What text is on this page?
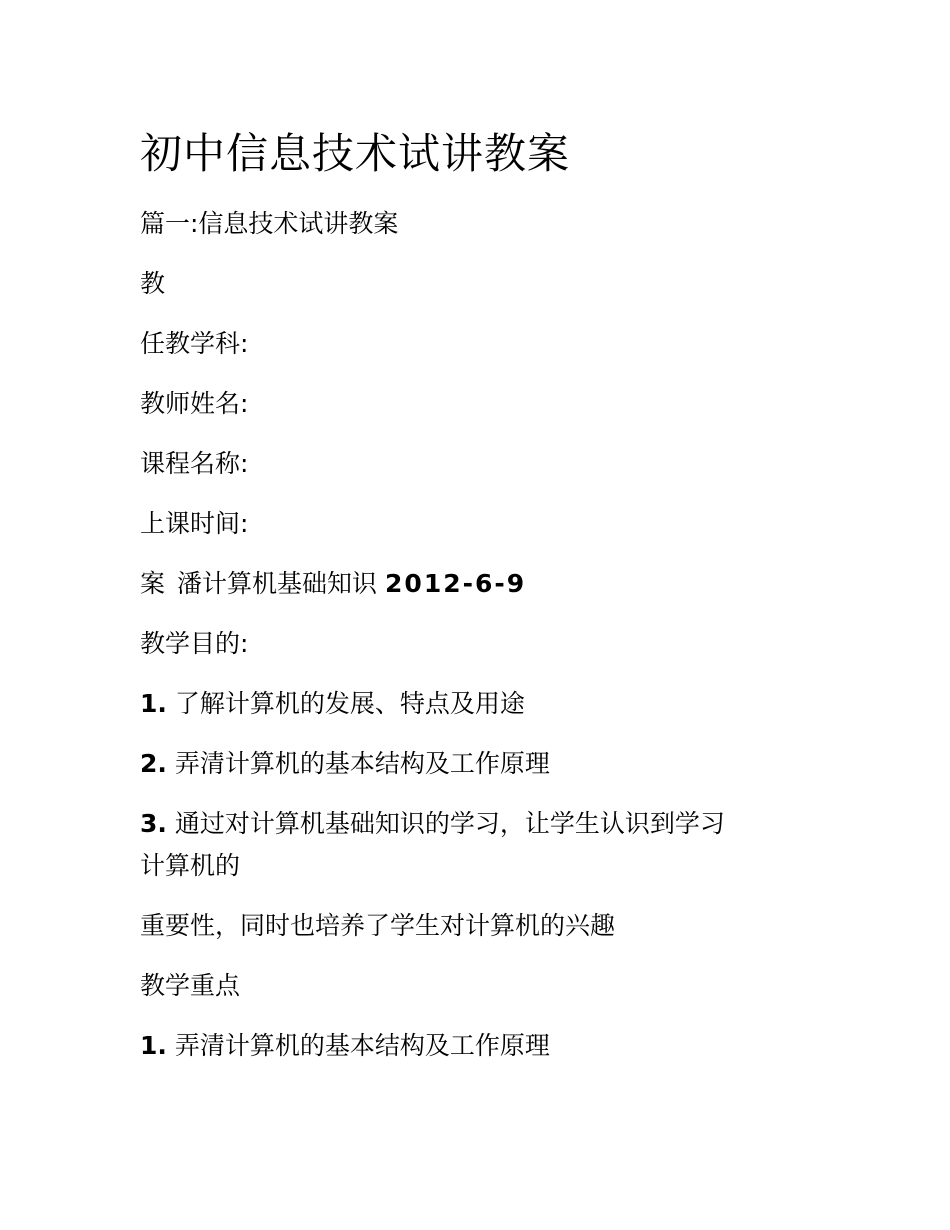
初中信息技术试讲教案
篇一:信息技术试讲教案
教
任教学科:
教师姓名:
课程名称:
上课时间:
案 潘计算机基础知识 2012-6-9
教学目的:
1. 了解计算机的发展、特点及用途
2. 弄清计算机的基本结构及工作原理
3. 通过对计算机基础知识的学习，让学生认识到学习
计算机的
重要性，同时也培养了学生对计算机的兴趣
教学重点
1. 弄清计算机的基本结构及工作原理
